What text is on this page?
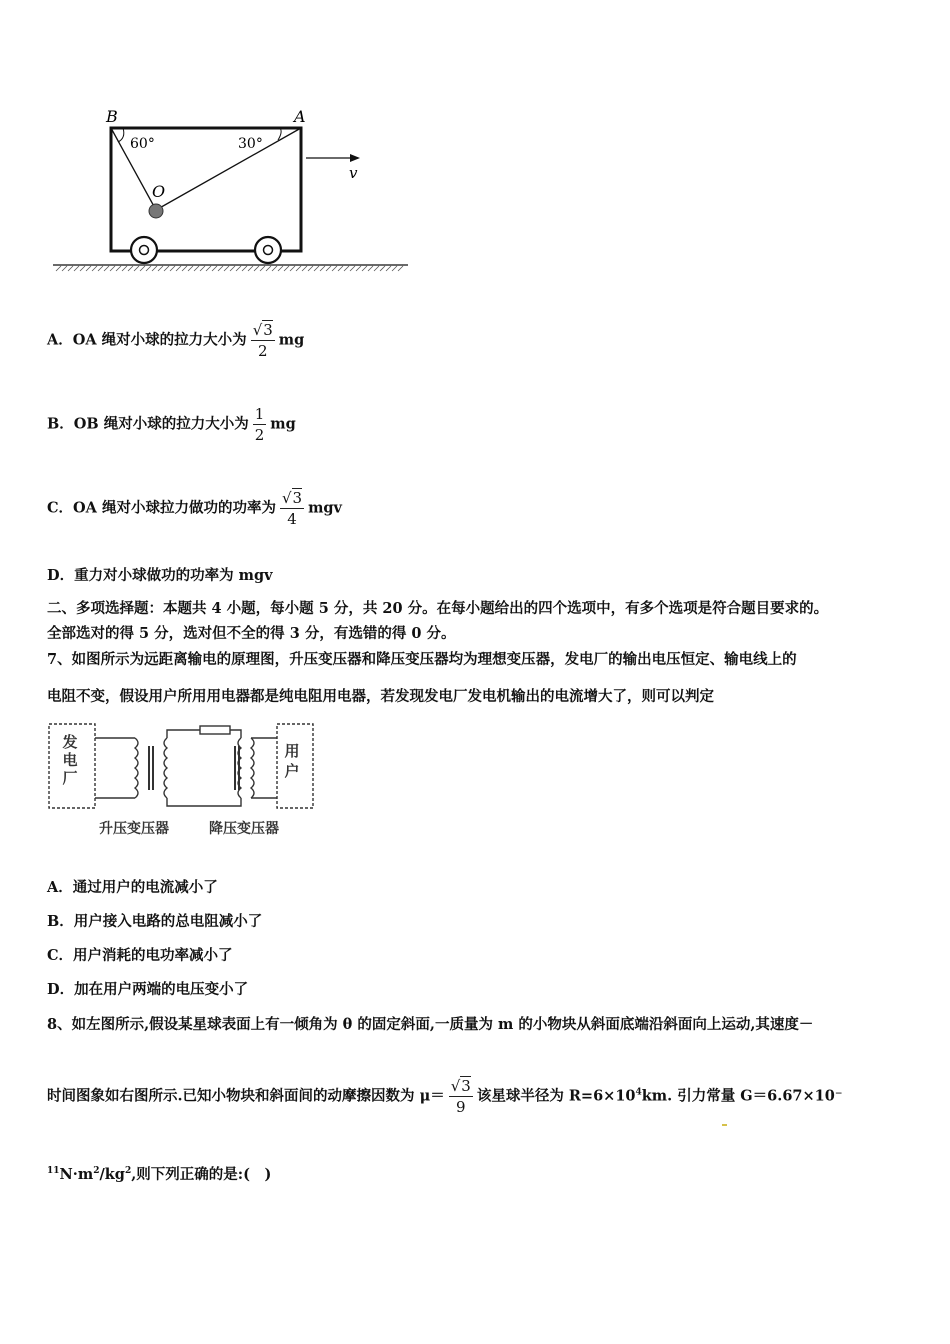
B	A
O
60°	30°
v
A．OA 绳对小球的拉力大小为 $\frac{√3}{2}$ mg
B．OB 绳对小球的拉力大小为 $\frac{1}{2}$ mg
C．OA 绳对小球拉力做功的功率为 $\frac{√3}{4}$ mgv
D．重力对小球做功的功率为 mgv
二、多项选择题：本题共 4 小题，每小题 5 分，共 20 分。在每小题给出的四个选项中，有多个选项是符合题目要求的。
全部选对的得 5 分，选对但不全的得 3 分，有选错的得 0 分。
7、如图所示为远距离输电的原理图，升压变压器和降压变压器均为理想变压器，发电厂的输出电压恒定、输电线上的
电阻不变，假设用户所用用电器都是纯电阻用电器，若发现发电厂发电机输出的电流增大了，则可以判定
发电厂
用户
升压变压器	降压变压器
A．通过用户的电流减小了
B．用户接入电路的总电阻减小了
C．用户消耗的电功率减小了
D．加在用户两端的电压变小了
8、如左图所示,假设某星球表面上有一倾角为 θ 的固定斜面,一质量为 m 的小物块从斜面底端沿斜面向上运动,其速度－
时间图象如右图所示.已知小物块和斜面间的动摩擦因数为 $\mu= \frac{√3}{9}$ 该星球半径为 $R=6\times 10^4km$. 引力常量 G＝6.67×10⁻
$^{11}N\cdot m^2/kg^2$,则下列正确的是:(　)
